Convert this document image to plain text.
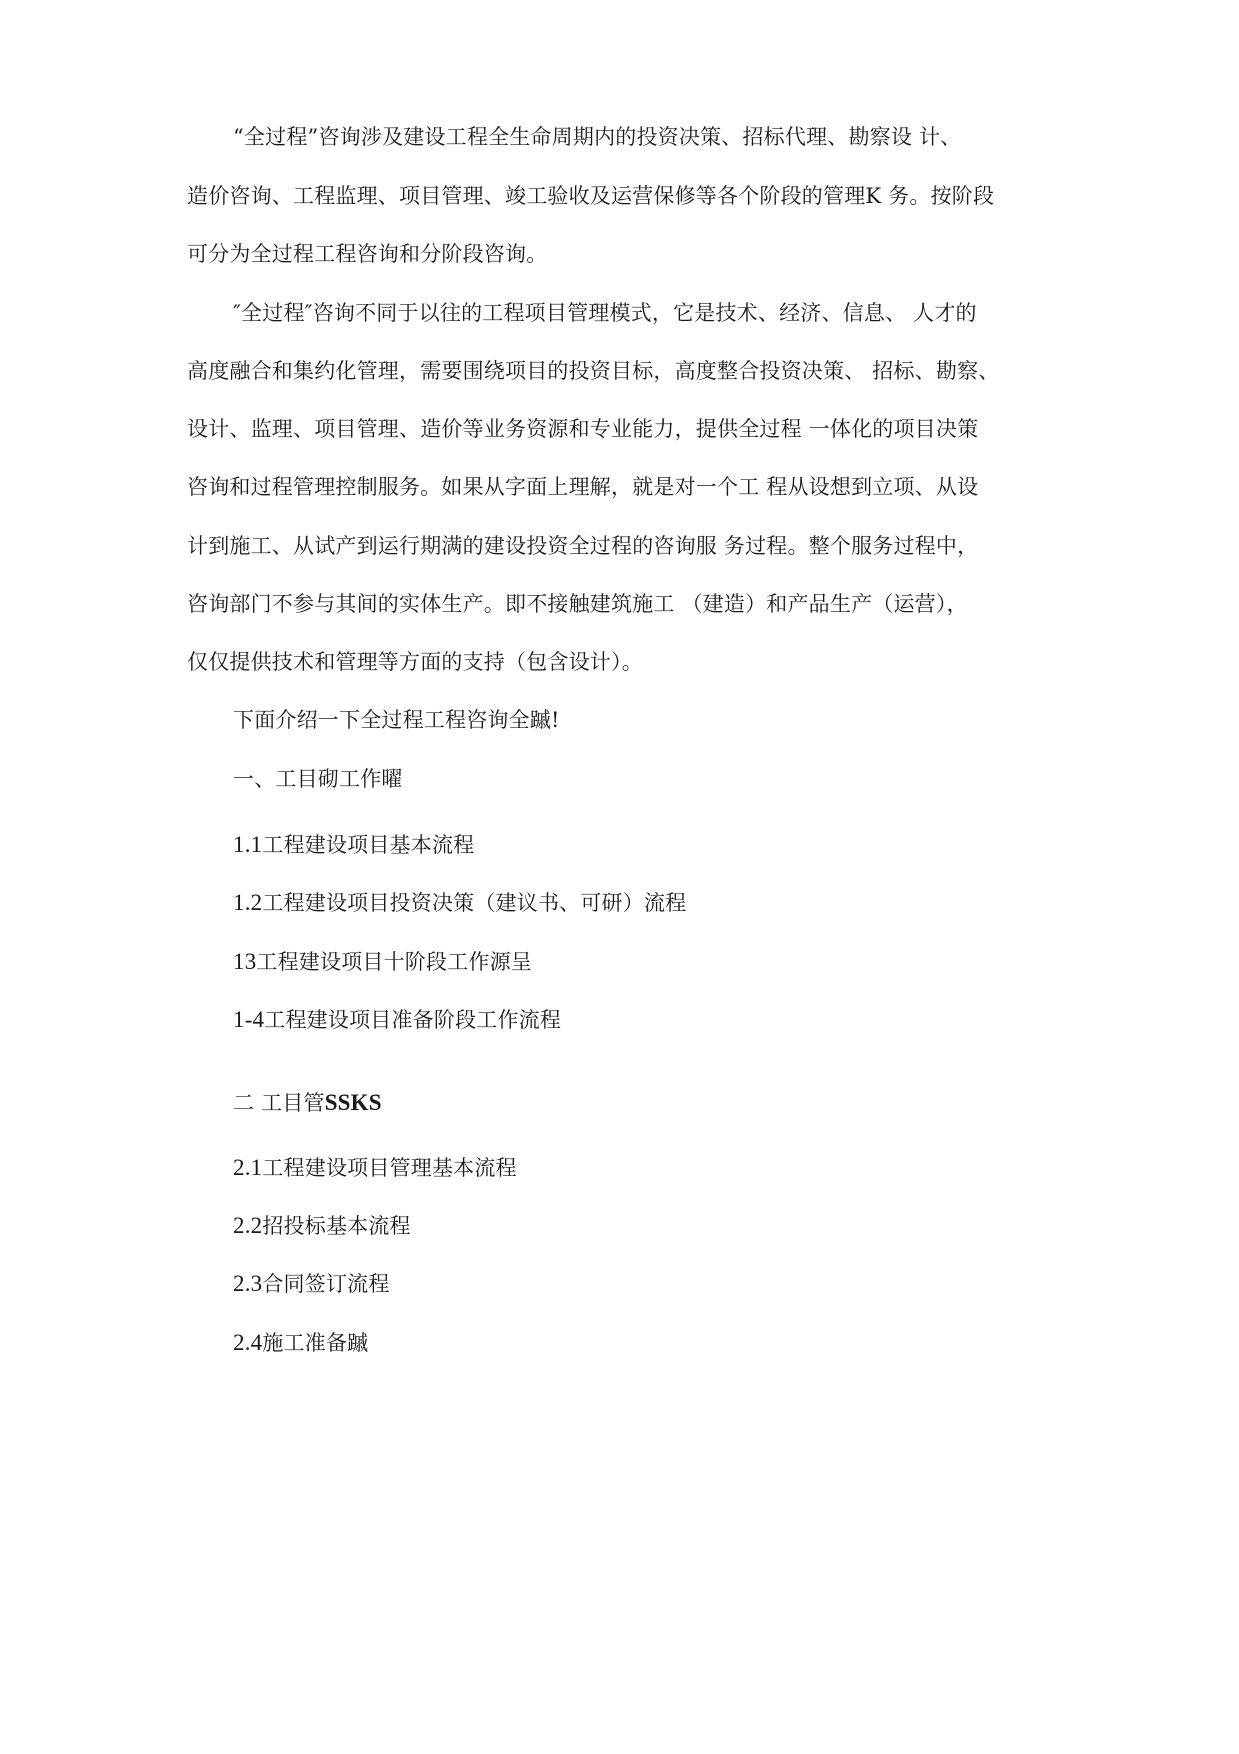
“全过程”咨询涉及建设工程全生命周期内的投资决策、招标代理、勘察设 计、
造价咨询、工程监理、项目管理、竣工验收及运营保修等各个阶段的管理K 务。按阶段
可分为全过程工程咨询和分阶段咨询。
″全过程″咨询不同于以往的工程项目管理模式，它是技术、经济、信息、 人才的
高度融合和集约化管理，需要围绕项目的投资目标，高度整合投资决策、 招标、勘察、
设计、监理、项目管理、造价等业务资源和专业能力，提供全过程 一体化的项目决策
咨询和过程管理控制服务。如果从字面上理解，就是对一个工 程从设想到立项、从设
计到施工、从试产到运行期满的建设投资全过程的咨询服 务过程。整个服务过程中，
咨询部门不参与其间的实体生产。即不接触建筑施工 （建造）和产品生产（运营），
仅仅提供技术和管理等方面的支持（包含设计）。
下面介绍一下全过程工程咨询全䠞!
一、工目砌工作曜
1.1工程建设项目基本流程
1.2工程建设项目投资决策（建议书、可研）流程
13工程建设项目十阶段工作源呈
1-4工程建设项目准备阶段工作流程
二 工目管SSKS
2.1工程建设项目管理基本流程
2.2招投标基本流程
2.3合同签订流程
2.4施工准备䠞
